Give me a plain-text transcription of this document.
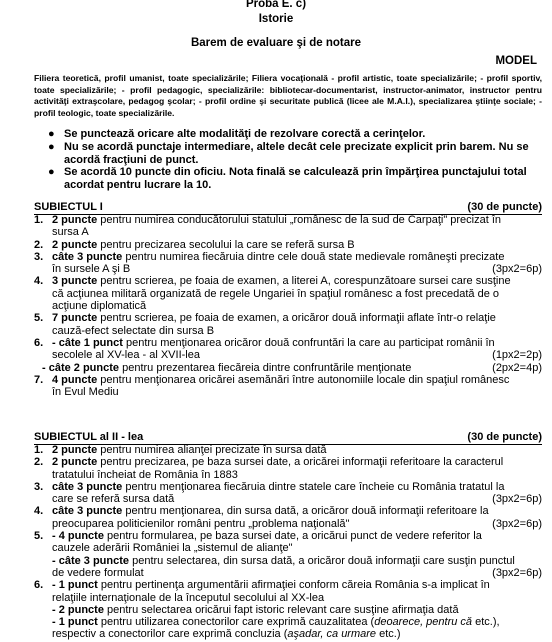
Proba E. c)
Istorie
Barem de evaluare şi de notare
MODEL
Filiera teoretică, profil umanist, toate specializările; Filiera vocaţională - profil artistic, toate specializările; - profil sportiv, toate specializările; - profil pedagogic, specializările: bibliotecar-documentarist, instructor-animator, instructor pentru activităţi extraşcolare, pedagog şcolar; - profil ordine şi securitate publică (licee ale M.A.I.), specializarea ştiinţe sociale; - profil teologic, toate specializările.
● Se punctează oricare alte modalităţi de rezolvare corectă a cerinţelor.
● Nu se acordă punctaje intermediare, altele decât cele precizate explicit prin barem. Nu se acordă fracţiuni de punct.
● Se acordă 10 puncte din oficiu. Nota finală se calculează prin împărţirea punctajului total acordat pentru lucrare la 10.
SUBIECTUL I	(30 de puncte)
1. 2 puncte pentru numirea conducătorului statului „românesc de la sud de Carpaţi" precizat în
sursa A
2. 2 puncte pentru precizarea secolului la care se referă sursa B
3. câte 3 puncte pentru numirea fiecăruia dintre cele două state medievale româneşti precizate
în sursele A şi B	(3px2=6p)
4. 3 puncte pentru scrierea, pe foaia de examen, a literei A, corespunzătoare sursei care susţine
că acţiunea militară organizată de regele Ungariei în spaţiul românesc a fost precedată de o
acţiune diplomatică
5. 7 puncte pentru scrierea, pe foaia de examen, a oricăror două informaţii aflate într-o relaţie
cauză-efect selectate din sursa B
6. - câte 1 punct pentru menţionarea oricăror două confruntări la care au participat românii în
secolele al XV-lea - al XVII-lea	(1px2=2p)
- câte 2 puncte pentru prezentarea fiecăreia dintre confruntările menţionate	(2px2=4p)
7. 4 puncte pentru menţionarea oricărei asemănări între autonomiile locale din spaţiul românesc
în Evul Mediu
SUBIECTUL al II - lea	(30 de puncte)
1. 2 puncte pentru numirea alianţei precizate în sursa dată
2. 2 puncte pentru precizarea, pe baza sursei date, a oricărei informaţii referitoare la caracterul
tratatului încheiat de România în 1883
3. câte 3 puncte pentru menţionarea fiecăruia dintre statele care încheie cu România tratatul la
care se referă sursa dată	(3px2=6p)
4. câte 3 puncte pentru menţionarea, din sursa dată, a oricăror două informaţii referitoare la
preocuparea politicienilor români pentru „problema naţională"	(3px2=6p)
5. - 4 puncte pentru formularea, pe baza sursei date, a oricărui punct de vedere referitor la
cauzele aderării României la „sistemul de alianţe"
- câte 3 puncte pentru selectarea, din sursa dată, a oricăror două informaţii care susţin punctul
de vedere formulat	(3px2=6p)
6. - 1 punct pentru pertinenţa argumentării afirmaţiei conform căreia România s-a implicat în
relaţiile internaţionale de la începutul secolului al XX-lea
- 2 puncte pentru selectarea oricărui fapt istoric relevant care susţine afirmaţia dată
- 1 punct pentru utilizarea conectorilor care exprimă cauzalitatea (deoarece, pentru că etc.),
respectiv a conectorilor care exprimă concluzia (aşadar, ca urmare etc.)
